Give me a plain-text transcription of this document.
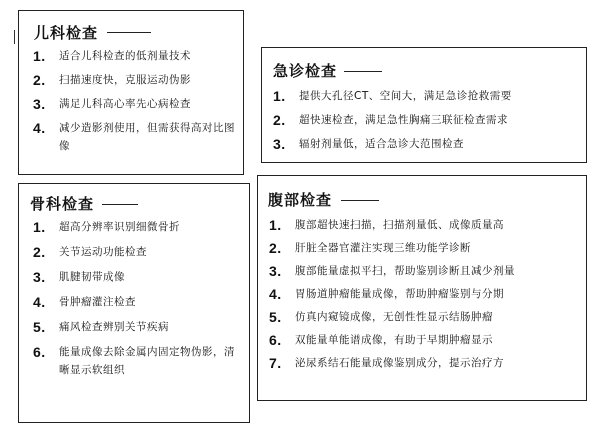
儿科检查
1.	适合儿科检查的低剂量技术
2.	扫描速度快，克服运动伪影
3.	满足儿科高心率先心病检查
4.	减少造影剂使用，但需获得高对比图像
急诊检查
1.	提供大孔径CT、空间大，满足急诊抢救需要
2.	超快速检查，满足急性胸痛三联征检查需求
3.	辐射剂量低，适合急诊大范围检查
骨科检查
1.	超高分辨率识别细微骨折
2.	关节运动功能检查
3.	肌腱韧带成像
4.	骨肿瘤灌注检查
5.	痛风检查辨别关节疾病
6.	能量成像去除金属内固定物伪影，清晰显示软组织
腹部检查
1.	腹部超快速扫描，扫描剂量低、成像质量高
2.	肝脏全器官灌注实现三维功能学诊断
3.	腹部能量虚拟平扫，帮助鉴别诊断且减少剂量
4.	胃肠道肿瘤能量成像，帮助肿瘤鉴别与分期
5.	仿真内窥镜成像，无创性性显示结肠肿瘤
6.	双能量单能谱成像，有助于早期肿瘤显示
7.	泌尿系结石能量成像鉴别成分，提示治疗方
